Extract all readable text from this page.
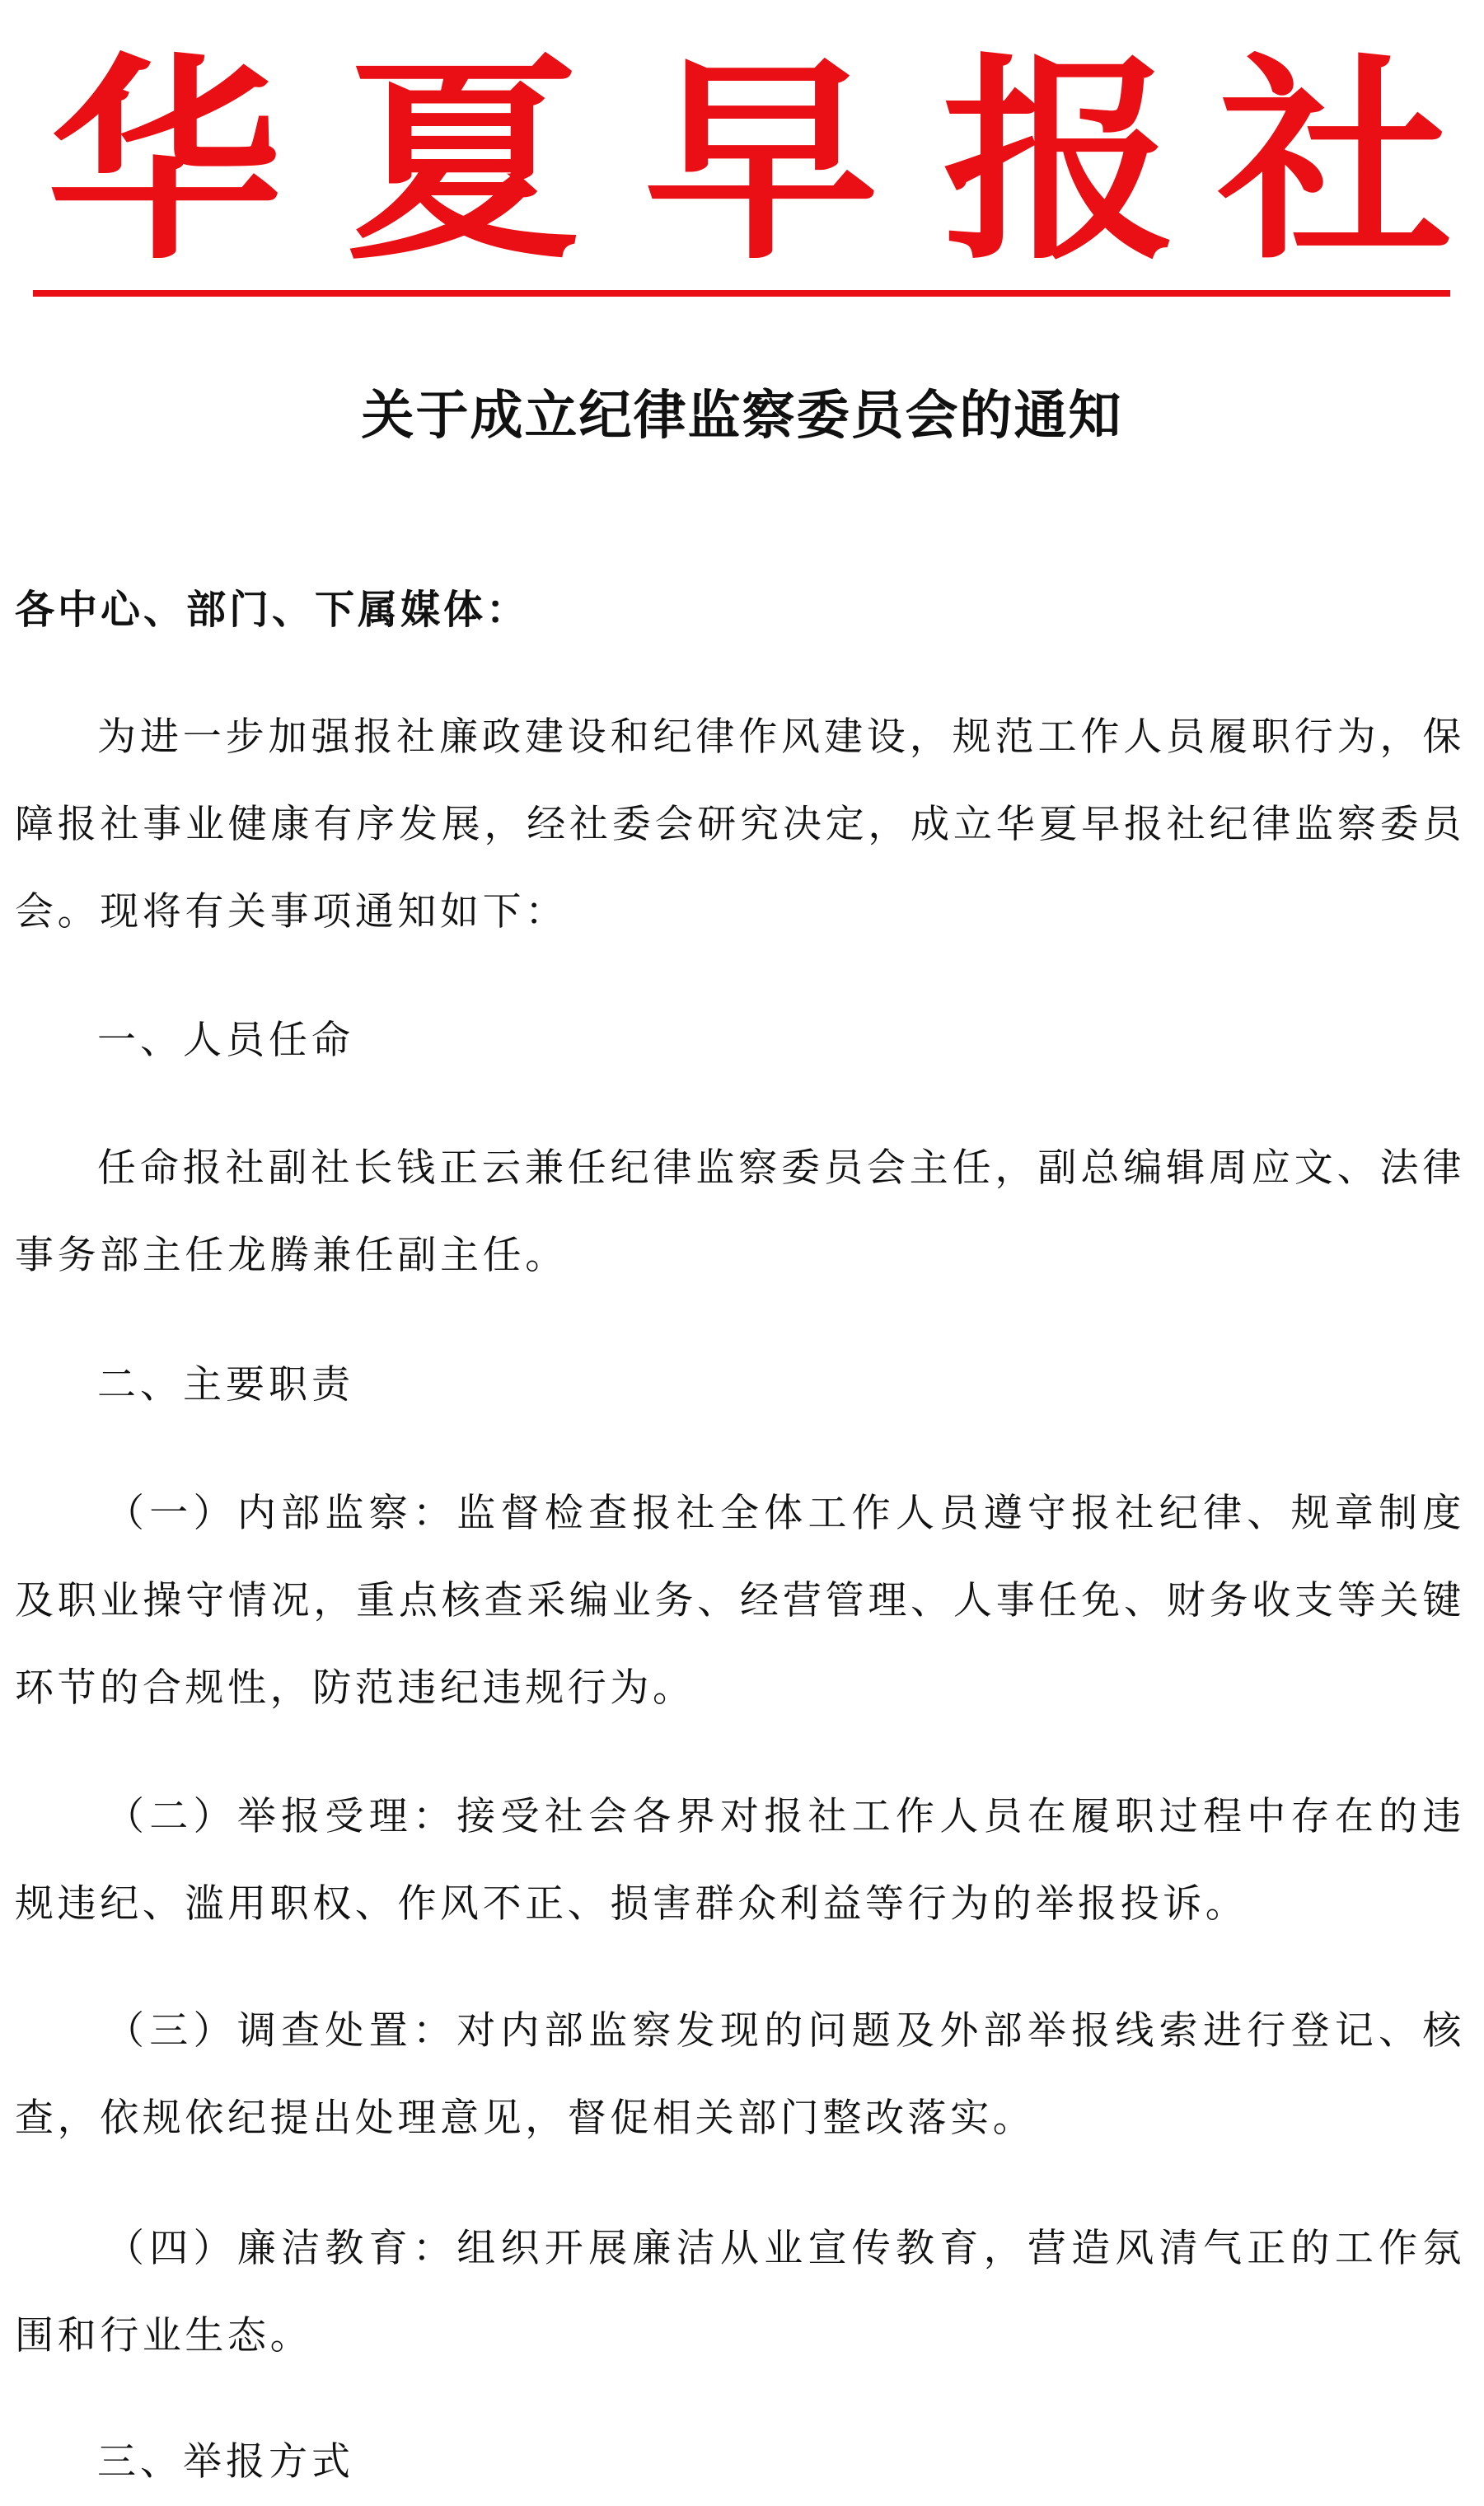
华 夏 早 报 社
关于成立纪律监察委员会的通知
各中心、部门、下属媒体：

为进一步加强报社廉政建设和纪律作风建设，规范工作人员履职行为，保障报社事业健康有序发展，经社委会研究决定，成立华夏早报社纪律监察委员会。现将有关事项通知如下：

一、人员任命

任命报社副社长钱正云兼任纪律监察委员会主任，副总编辑周应文、法律事务部主任龙腾兼任副主任。

二、主要职责

（一）内部监察：监督检查报社全体工作人员遵守报社纪律、规章制度及职业操守情况，重点核查采编业务、经营管理、人事任免、财务收支等关键环节的合规性，防范违纪违规行为。

（二）举报受理：接受社会各界对报社工作人员在履职过程中存在的违规违纪、滥用职权、作风不正、损害群众利益等行为的举报投诉。

（三）调查处置：对内部监察发现的问题及外部举报线索进行登记、核查，依规依纪提出处理意见，督促相关部门整改落实。

（四）廉洁教育：组织开展廉洁从业宣传教育，营造风清气正的工作氛围和行业生态。

三、举报方式
